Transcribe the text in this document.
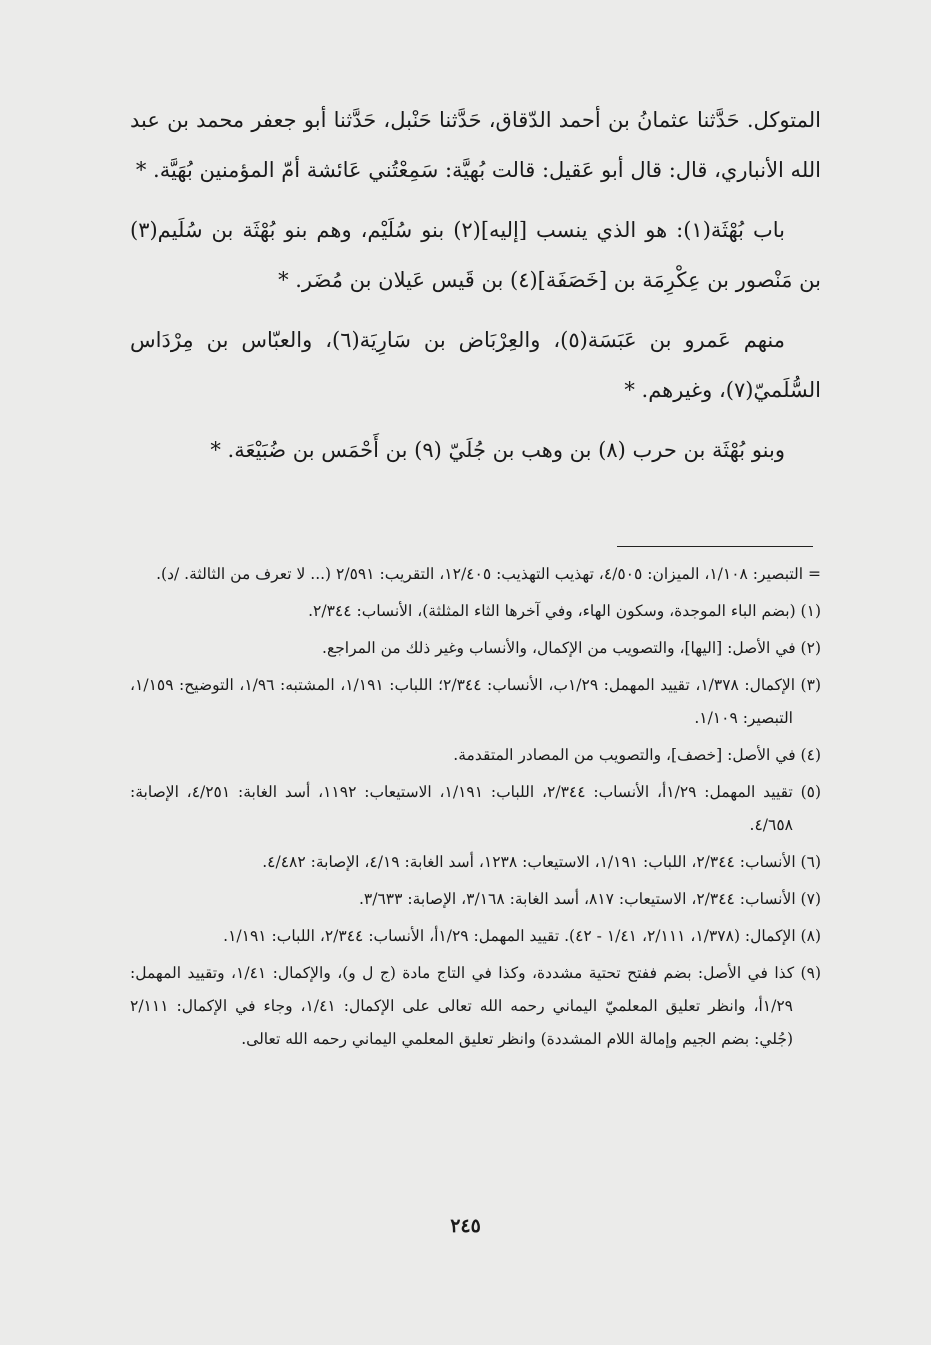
المتوكل. حَدَّثنا عثمانُ بن أحمد الدّقاق، حَدَّثنا حَنْبل، حَدَّثنا أبو جعفر محمد بن عبد الله الأنباري، قال: قال أبو عَقيل: قالت بُهيَّة: سَمِعْتُني عَائشة أمّ المؤمنين بُهَيَّة. *

باب بُهْثَة(١): هو الذي ينسب [إليه](٢) بنو سُلَيْم، وهم بنو بُهْثَة بن سُلَيم(٣) بن مَنْصور بن عِكْرِمَة بن [خَصَفَة](٤) بن قَيس عَيلان بن مُضَر. *

منهم عَمرو بن عَبَسَة(٥)، والعِرْبَاض بن سَارِيَة(٦)، والعبّاس بن مِرْدَاس السُّلَميّ(٧)، وغيرهم. *

وبنو بُهْثَة بن حرب (٨) بن وهب بن جُلَيّ (٩) بن أَحْمَس بن ضُبَيْعَة. *

= التبصير: ١/١٠٨، الميزان: ٤/٥٠٥، تهذيب التهذيب: ١٢/٤٠٥، التقريب: ٢/٥٩١ (... لا تعرف من الثالثة. /د).

(١) (بضم الباء الموجدة، وسكون الهاء، وفي آخرها الثاء المثلثة)، الأنساب: ٢/٣٤٤.

(٢) في الأصل: [اليها]، والتصويب من الإكمال، والأنساب وغير ذلك من المراجع.

(٣) الإكمال: ١/٣٧٨، تقييد المهمل: ١/٢٩ب، الأنساب: ٢/٣٤٤؛ اللباب: ١/١٩١، المشتبه: ١/٩٦، التوضيح: ١/١٥٩، التبصير: ١/١٠٩.

(٤) في الأصل: [خصف]، والتصويب من المصادر المتقدمة.

(٥) تقييد المهمل: ١/٢٩أ، الأنساب: ٢/٣٤٤، اللباب: ١/١٩١، الاستيعاب: ١١٩٢، أسد الغابة: ٤/٢٥١، الإصابة: ٤/٦٥٨.

(٦) الأنساب: ٢/٣٤٤، اللباب: ١/١٩١، الاستيعاب: ١٢٣٨، أسد الغابة: ٤/١٩، الإصابة: ٤/٤٨٢.

(٧) الأنساب: ٢/٣٤٤، الاستيعاب: ٨١٧، أسد الغابة: ٣/١٦٨، الإصابة: ٣/٦٣٣.

(٨) الإكمال: (١/٣٧٨، ٢/١١١، ١/٤١ - ٤٢). تقييد المهمل: ١/٢٩أ، الأنساب: ٢/٣٤٤، اللباب: ١/١٩١.

(٩) كذا في الأصل: بضم ففتح تحتية مشددة، وكذا في التاج مادة (ج ل و)، والإكمال: ١/٤١، وتقييد المهمل: ١/٢٩أ، وانظر تعليق المعلميّ اليماني رحمه الله تعالى على الإكمال: ١/٤١، وجاء في الإكمال: ٢/١١١ (جُلي: بضم الجيم وإمالة اللام المشددة) وانظر تعليق المعلمي اليماني رحمه الله تعالى.

٢٤٥
